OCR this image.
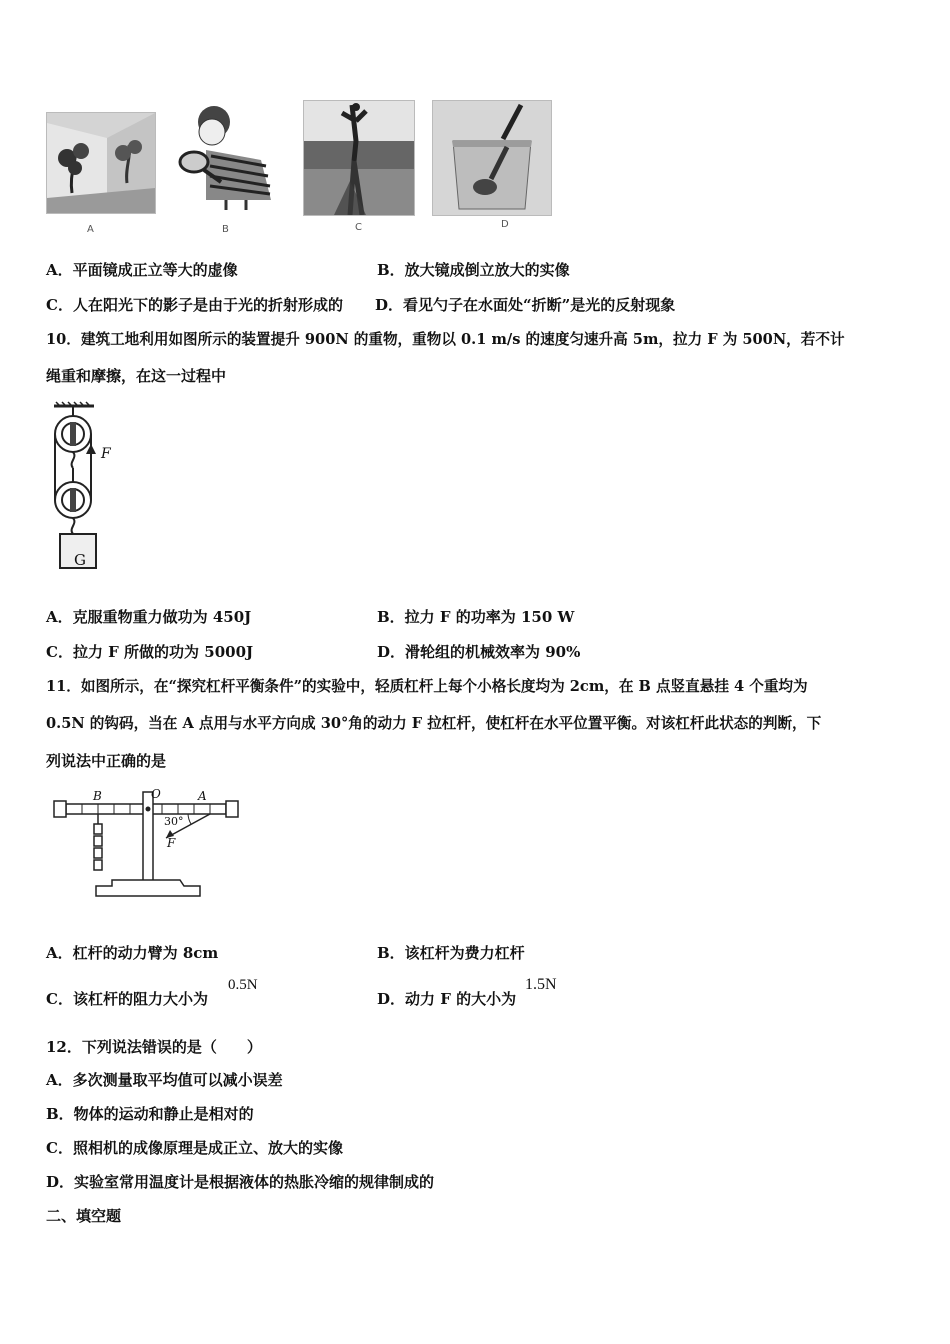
A	B	C	D
A．平面镜成正立等大的虚像	B．放大镜成倒立放大的实像
C．人在阳光下的影子是由于光的折射形成的 D．看见勺子在水面处“折断”是光的反射现象
10．建筑工地利用如图所示的装置提升 900N 的重物，重物以 0.1 m/s 的速度匀速升高 5m，拉力 F 为 500N，若不计
绳重和摩擦，在这一过程中
F
G
A．克服重物重力做功为 450J	B．拉力 F 的功率为 150 W
C．拉力 F 所做的功为 5000J	D．滑轮组的机械效率为 90%
11．如图所示，在“探究杠杆平衡条件”的实验中，轻质杠杆上每个小格长度均为 2cm，在 B 点竖直悬挂 4 个重均为
0.5N 的钩码，当在 A 点用与水平方向成 30°角的动力 F 拉杠杆，使杠杆在水平位置平衡。对该杠杆此状态的判断，下
列说法中正确的是
B	O	A
30°
F
A．杠杆的动力臂为 8cm	B．该杠杆为费力杠杆
C．该杠杆的阻力大小为
0.5N
D．动力 F 的大小为
1.5N
12．下列说法错误的是（　　）
A．多次测量取平均值可以减小误差
B．物体的运动和静止是相对的
C．照相机的成像原理是成正立、放大的实像
D．实验室常用温度计是根据液体的热胀冷缩的规律制成的
二、填空题
